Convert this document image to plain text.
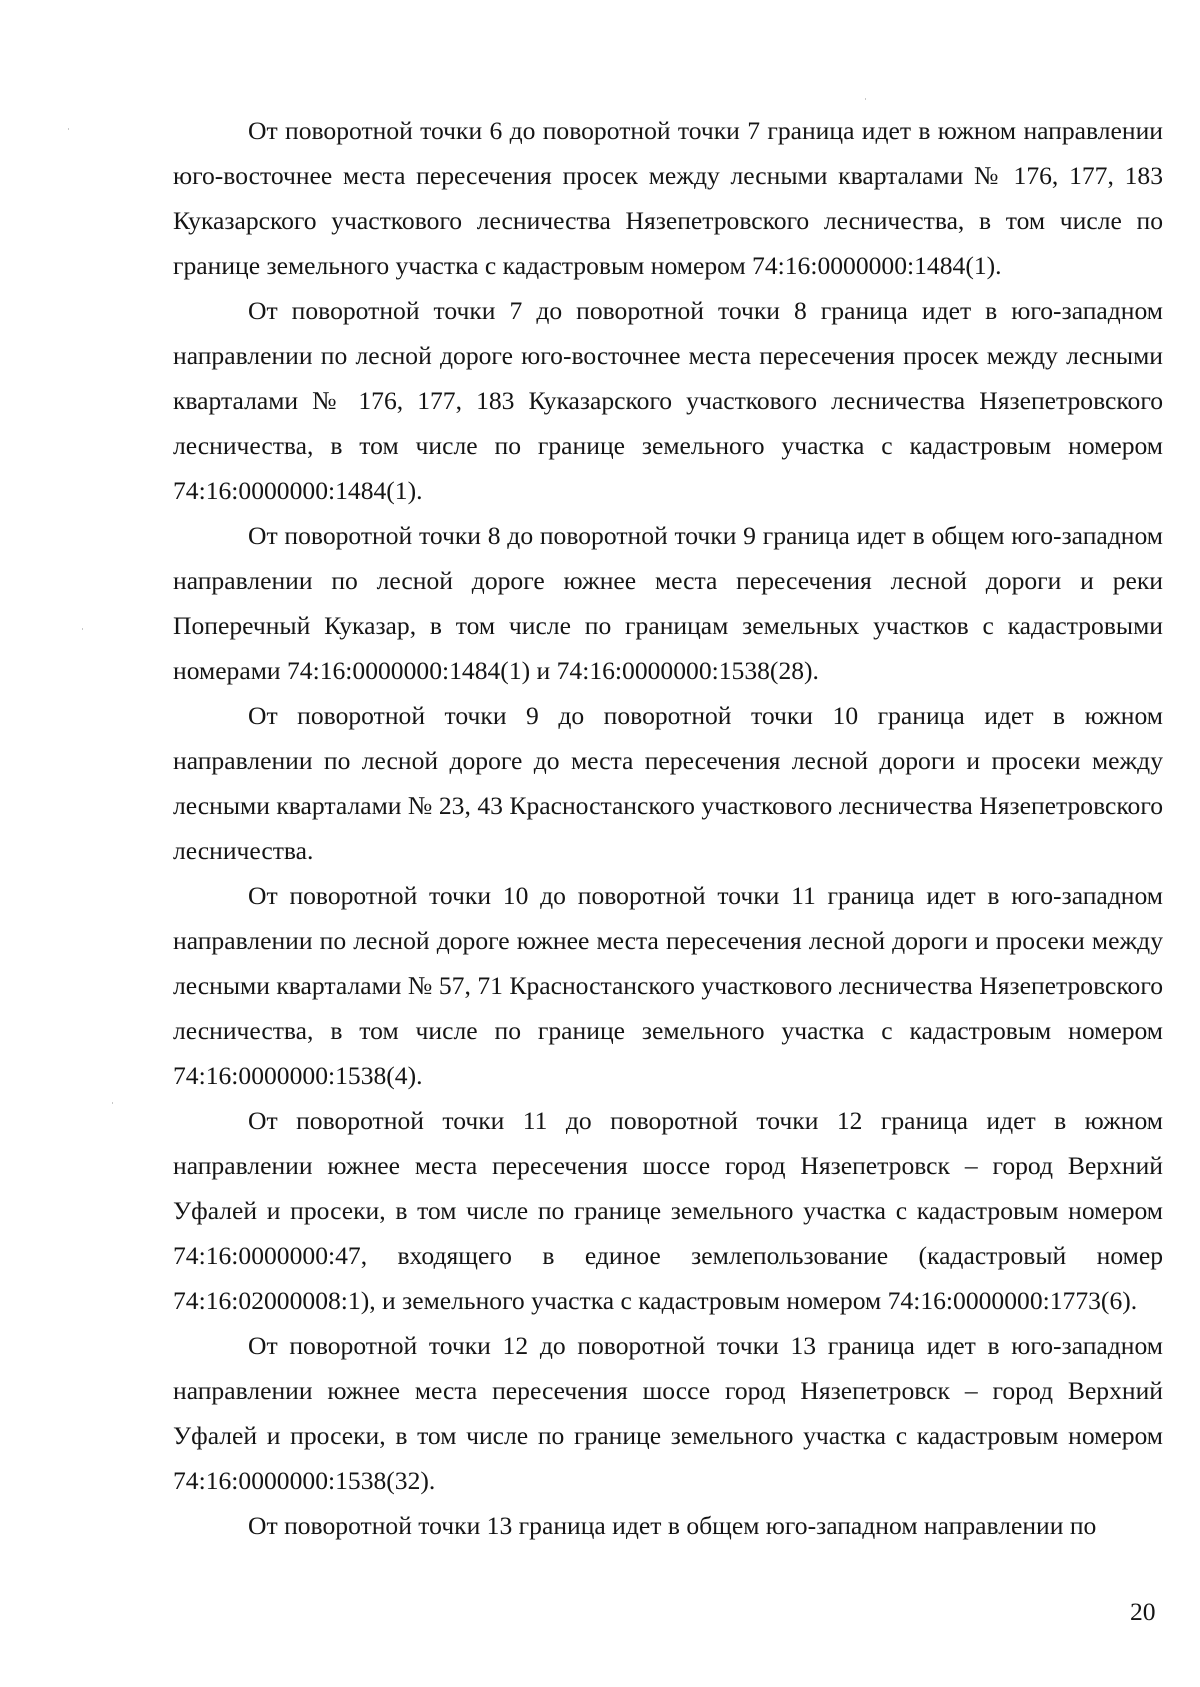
От поворотной точки 6 до поворотной точки 7 граница идет в южном направлении юго-восточнее места пересечения просек между лесными кварталами № 176, 177, 183 Куказарского участкового лесничества Нязепетровского лесничества, в том числе по границе земельного участка с кадастровым номером 74:16:0000000:1484(1).

От поворотной точки 7 до поворотной точки 8 граница идет в юго-западном направлении по лесной дороге юго-восточнее места пересечения просек между лесными кварталами № 176, 177, 183 Куказарского участкового лесничества Нязепетровского лесничества, в том числе по границе земельного участка с кадастровым номером 74:16:0000000:1484(1).

От поворотной точки 8 до поворотной точки 9 граница идет в общем юго-западном направлении по лесной дороге южнее места пересечения лесной дороги и реки Поперечный Куказар, в том числе по границам земельных участков с кадастровыми номерами 74:16:0000000:1484(1) и 74:16:0000000:1538(28).

От поворотной точки 9 до поворотной точки 10 граница идет в южном направлении по лесной дороге до места пересечения лесной дороги и просеки между лесными кварталами № 23, 43 Красностанского участкового лесничества Нязепетровского лесничества.

От поворотной точки 10 до поворотной точки 11 граница идет в юго-западном направлении по лесной дороге южнее места пересечения лесной дороги и просеки между лесными кварталами № 57, 71 Красностанского участкового лесничества Нязепетровского лесничества, в том числе по границе земельного участка с кадастровым номером 74:16:0000000:1538(4).

От поворотной точки 11 до поворотной точки 12 граница идет в южном направлении южнее места пересечения шоссе город Нязепетровск – город Верхний Уфалей и просеки, в том числе по границе земельного участка с кадастровым номером 74:16:0000000:47, входящего в единое землепользование (кадастровый номер 74:16:02000008:1), и земельного участка с кадастровым номером 74:16:0000000:1773(6).

От поворотной точки 12 до поворотной точки 13 граница идет в юго-западном направлении южнее места пересечения шоссе город Нязепетровск – город Верхний Уфалей и просеки, в том числе по границе земельного участка с кадастровым номером 74:16:0000000:1538(32).

От поворотной точки 13 граница идет в общем юго-западном направлении по

20
